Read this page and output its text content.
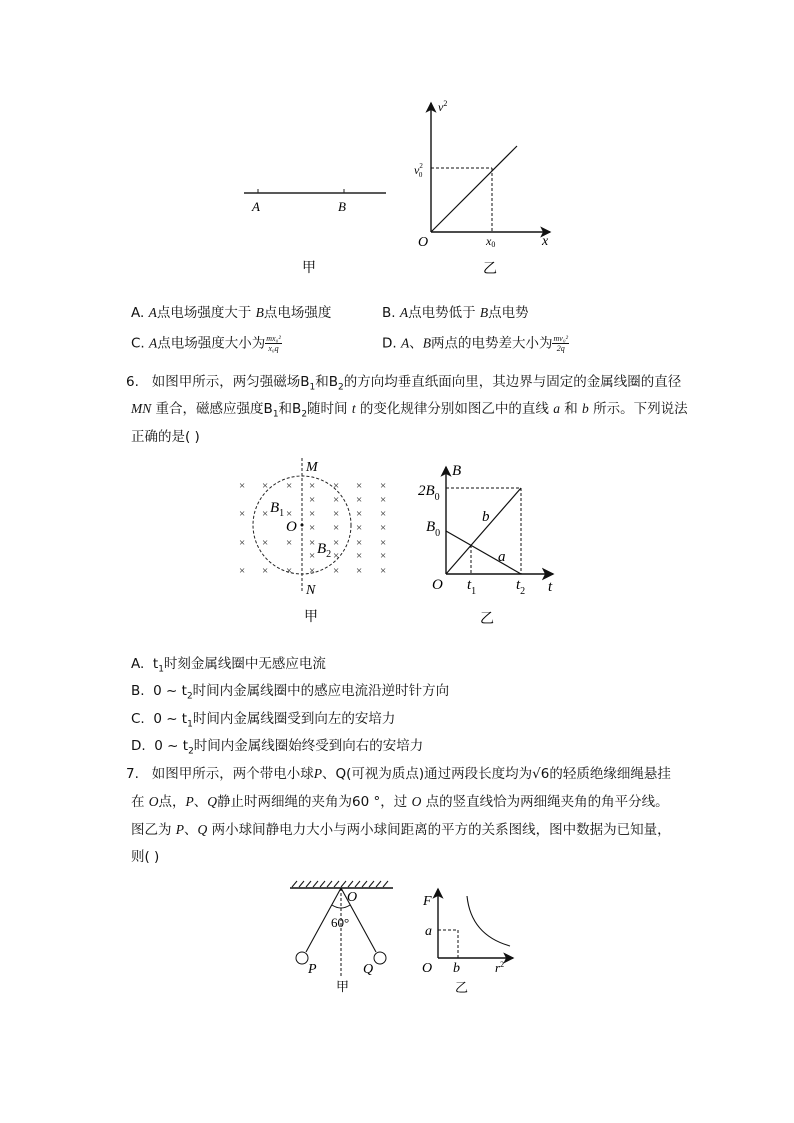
A	B
甲
$v^2$
$v^2$ 0
O	x0	x
乙
A. A点电场强度大于 B点电场强度	B. A点电势低于 B点电势
C. A点电场强度大小为 $\frac{\text{mx₀²}}{\text{x₀q}}$	D. A、B两点的电势差大小为 $\frac{\text{mv₀²}}{2q}$
6. 如图甲所示，两匀强磁场$B_1$和$B_2$的方向均垂直纸面向里，其边界与固定的金属线圈的直径
MN 重合，磁感应强度$B_1$和$B_2$随时间 t 的变化规律分别如图乙中的直线 a 和 b 所示。下列说法
正确的是( )
× × × × × × ×
× × × ×
× × × × × × ×
× × × ×
× × × × × × ×
× × × ×
× × × × × × ×
M
N
O
$B_1$
$B_2$
甲
B
$2B_0$
$B_0$
b
a
O $t_1$	$t_2$ t
乙
A. $t_1$时刻金属线圈中无感应电流
B. 0 ~ $t_2$时间内金属线圈中的感应电流沿逆时针方向
C. 0 ~ $t_1$时间内金属线圈受到向左的安培力
D. 0 ~ $t_2$时间内金属线圈始终受到向右的安培力
7. 如图甲所示，两个带电小球P、Q(可视为质点)通过两段长度均为√6的轻质绝缘细绳悬挂
在 O点，P、Q静止时两细绳的夹角为60 °，过 O 点的竖直线恰为两细绳夹角的角平分线。
图乙为 P、Q 两小球间静电力大小与两小球间距离的平方的关系图线，图中数据为已知量，
则( )
O
60°
P	Q
甲
F
a
O b	$r^2$
乙
